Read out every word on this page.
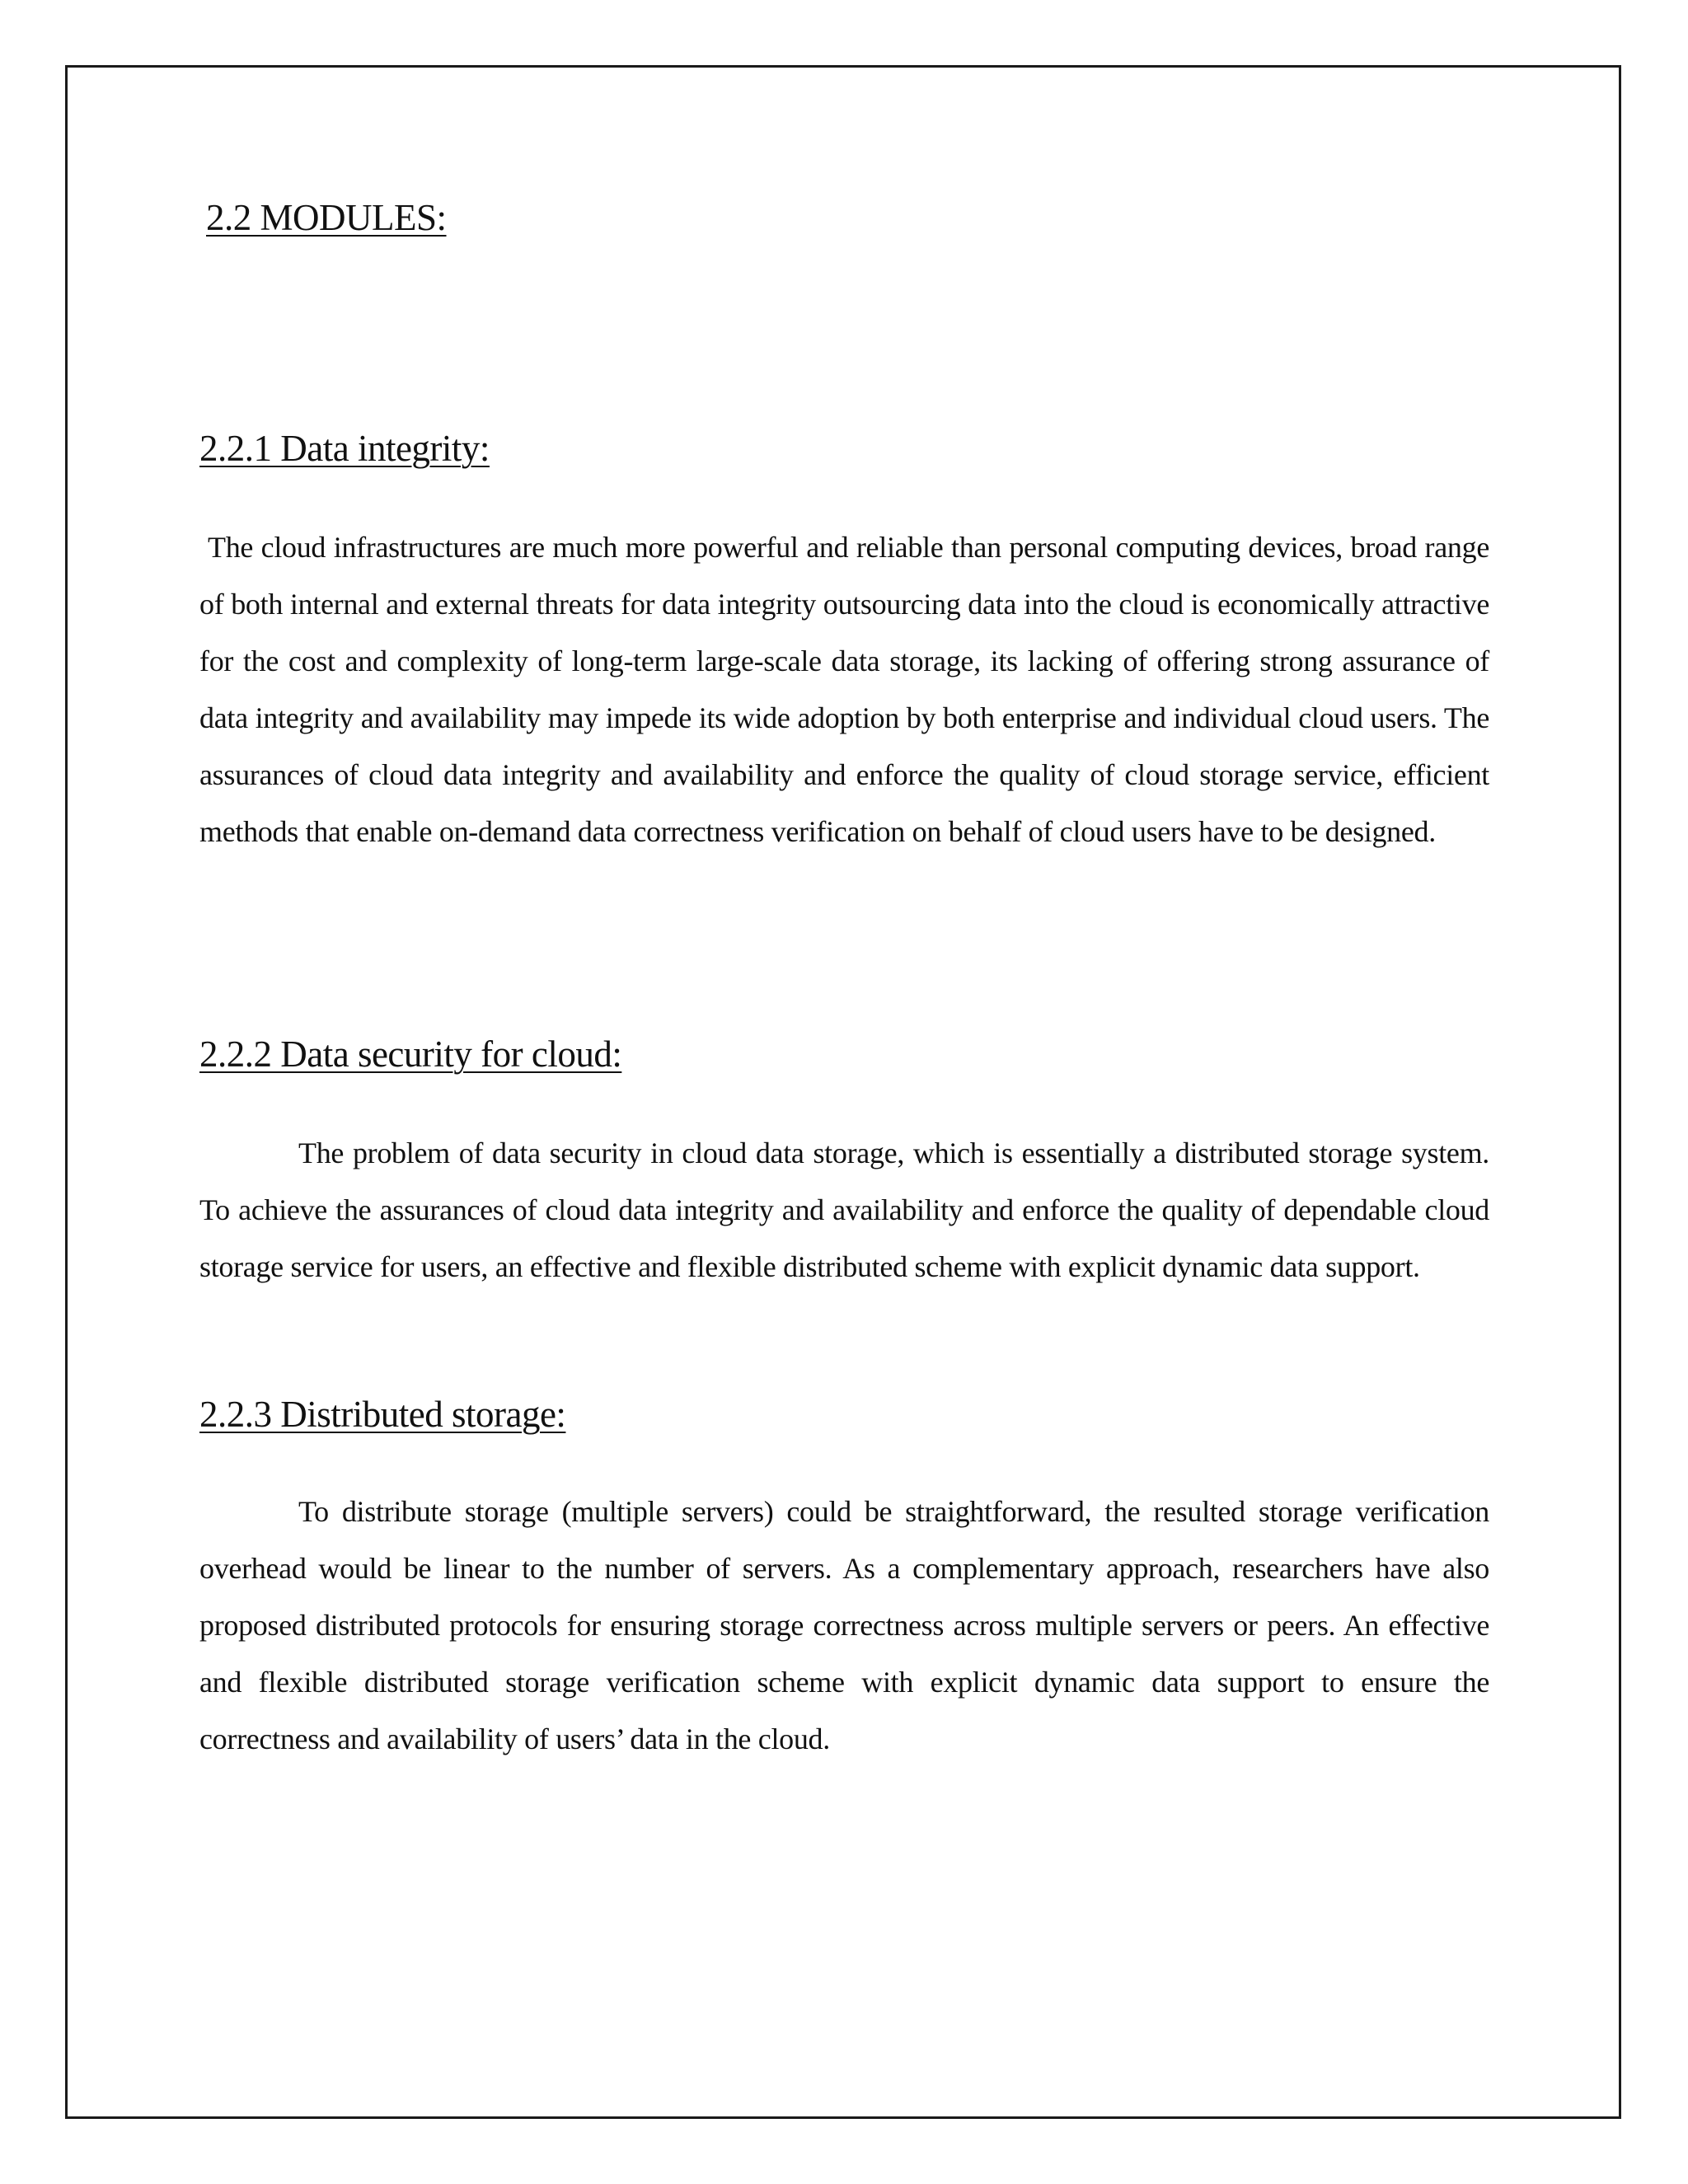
2.2 MODULES:
2.2.1 Data integrity:

The cloud infrastructures are much more powerful and reliable than personal computing devices, broad range of both internal and external threats for data integrity outsourcing data into the cloud is economically attractive for the cost and complexity of long-term large-scale data storage, its lacking of offering strong assurance of data integrity and availability may impede its wide adoption by both enterprise and individual cloud users. The assurances of cloud data integrity and availability and enforce the quality of cloud storage service, efficient methods that enable on-demand data correctness verification on behalf of cloud users have to be designed.

2.2.2 Data security for cloud:

The problem of data security in cloud data storage, which is essentially a distributed storage system. To achieve the assurances of cloud data integrity and availability and enforce the quality of dependable cloud storage service for users, an effective and flexible distributed scheme with explicit dynamic data support.

2.2.3 Distributed storage:

To distribute storage (multiple servers) could be straightforward, the resulted storage verification overhead would be linear to the number of servers. As a complementary approach, researchers have also proposed distributed protocols for ensuring storage correctness across multiple servers or peers. An effective and flexible distributed storage verification scheme with explicit dynamic data support to ensure the correctness and availability of users’ data in the cloud.
